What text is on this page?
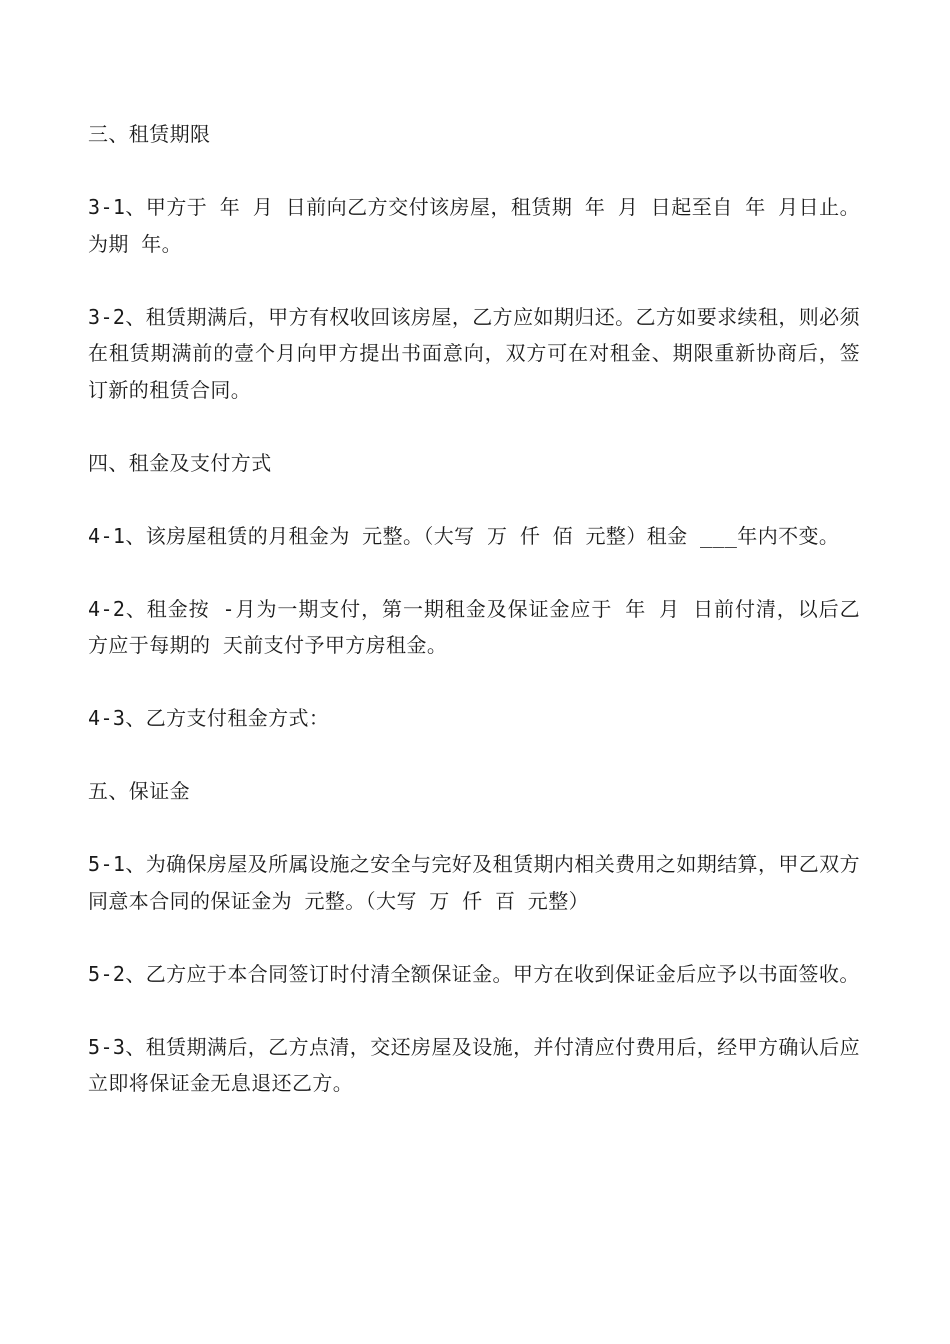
三、租赁期限

3-1、甲方于 年 月 日前向乙方交付该房屋，租赁期 年 月 日起至自 年 月日止。为期 年。

3-2、租赁期满后，甲方有权收回该房屋，乙方应如期归还。乙方如要求续租，则必须在租赁期满前的壹个月向甲方提出书面意向，双方可在对租金、期限重新协商后，签订新的租赁合同。

四、租金及支付方式

4-1、该房屋租赁的月租金为 元整。（大写 万 仟 佰 元整）租金 ___年内不变。

4-2、租金按 -月为一期支付，第一期租金及保证金应于 年 月 日前付清，以后乙方应于每期的 天前支付予甲方房租金。

4-3、乙方支付租金方式：

五、保证金

5-1、为确保房屋及所属设施之安全与完好及租赁期内相关费用之如期结算，甲乙双方同意本合同的保证金为 元整。（大写 万 仟 百 元整）

5-2、乙方应于本合同签订时付清全额保证金。甲方在收到保证金后应予以书面签收。

5-3、租赁期满后，乙方点清，交还房屋及设施，并付清应付费用后，经甲方确认后应立即将保证金无息退还乙方。
